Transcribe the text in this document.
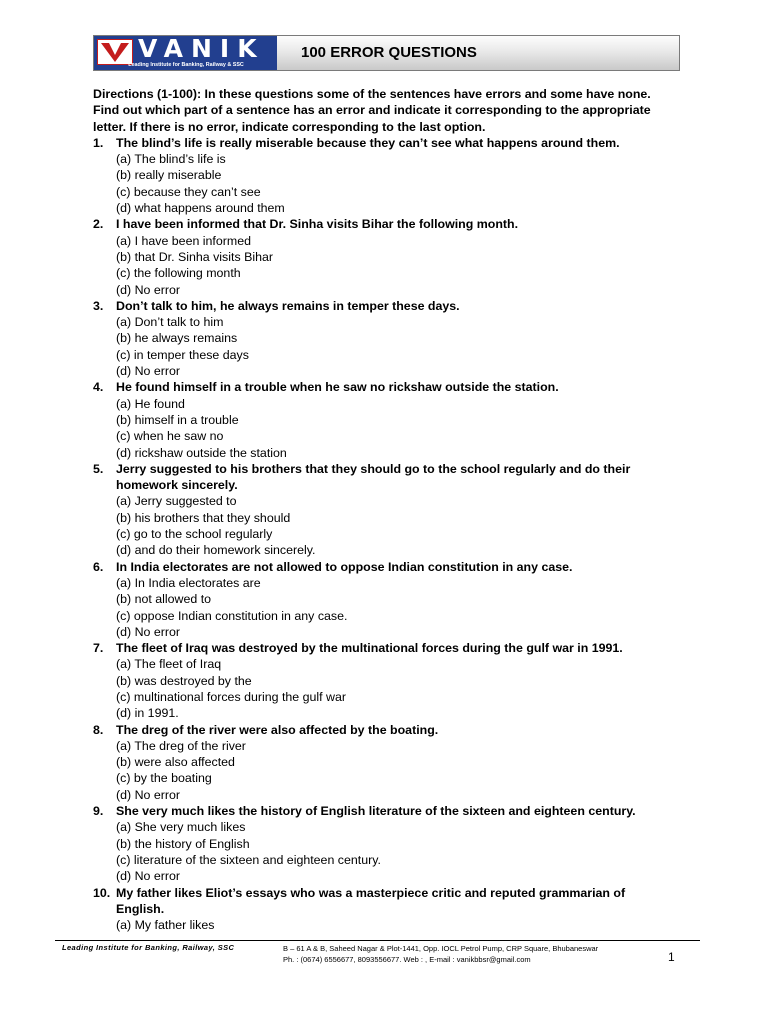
VANIK
Leading Institute for Banking, Railway & SSC
100 ERROR QUESTIONS
Directions (1-100): In these questions some of the sentences have errors and some have none. Find out which part of a sentence has an error and indicate it corresponding to the appropriate letter. If there is no error, indicate corresponding to the last option.
1. The blind’s life is really miserable because they can’t see what happens around them.
(a) The blind’s life is
(b) really miserable
(c) because they can’t see
(d) what happens around them
2. I have been informed that Dr. Sinha visits Bihar the following month.
(a) I have been informed
(b) that Dr. Sinha visits Bihar
(c) the following month
(d) No error
3. Don’t talk to him, he always remains in temper these days.
(a) Don’t talk to him
(b) he always remains
(c) in temper these days
(d) No error
4. He found himself in a trouble when he saw no rickshaw outside the station.
(a) He found
(b) himself in a trouble
(c) when he saw no
(d) rickshaw outside the station
5. Jerry suggested to his brothers that they should go to the school regularly and do their homework sincerely.
(a) Jerry suggested to
(b) his brothers that they should
(c) go to the school regularly
(d) and do their homework sincerely.
6. In India electorates are not allowed to oppose Indian constitution in any case.
(a) In India electorates are
(b) not allowed to
(c) oppose Indian constitution in any case.
(d) No error
7. The fleet of Iraq was destroyed by the multinational forces during the gulf war in 1991.
(a) The fleet of Iraq
(b) was destroyed by the
(c) multinational forces during the gulf war
(d) in 1991.
8. The dreg of the river were also affected by the boating.
(a) The dreg of the river
(b) were also affected
(c) by the boating
(d) No error
9. She very much likes the history of English literature of the sixteen and eighteen century.
(a) She very much likes
(b) the history of English
(c) literature of the sixteen and eighteen century.
(d) No error
10. My father likes Eliot’s essays who was a masterpiece critic and reputed grammarian of English.
(a) My father likes
Leading Institute for Banking, Railway, SSC	B – 61 A & B, Saheed Nagar & Plot-1441, Opp. IOCL Petrol Pump, CRP Square, Bhubaneswar
Ph. : (0674) 6556677, 8093556677. Web : , E-mail : vanikbbsr@gmail.com	1
